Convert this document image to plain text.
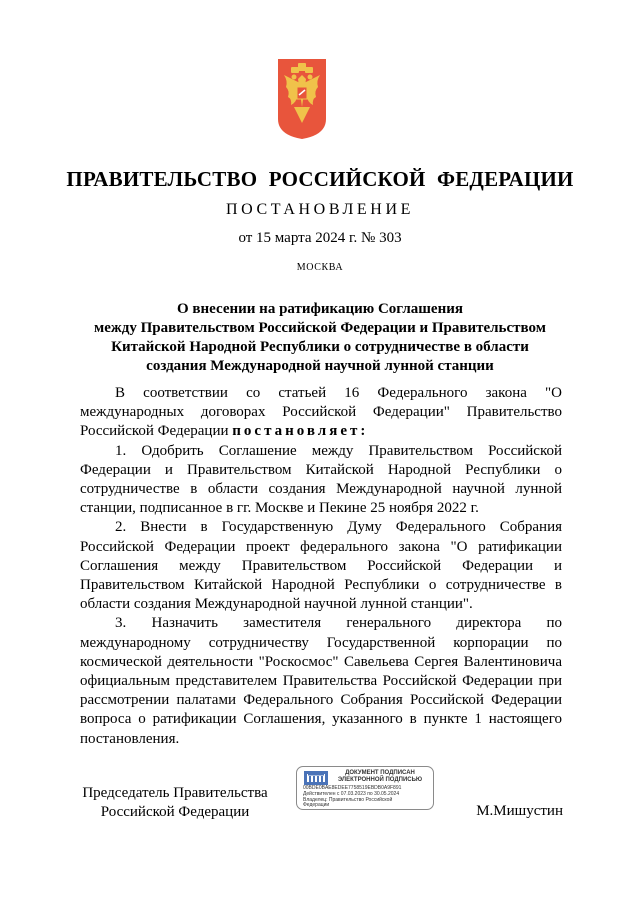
ПРАВИТЕЛЬСТВО РОССИЙСКОЙ ФЕДЕРАЦИИ
ПОСТАНОВЛЕНИЕ
от 15 марта 2024 г. № 303
МОСКВА
О внесении на ратификацию Соглашения
между Правительством Российской Федерации и Правительством
Китайской Народной Республики о сотрудничестве в области
создания Международной научной лунной станции

В соответствии со статьей 16 Федерального закона "О международных договорах Российской Федерации" Правительство Российской Федерации постановляет:

1. Одобрить Соглашение между Правительством Российской Федерации и Правительством Китайской Народной Республики о сотрудничестве в области создания Международной научной лунной станции, подписанное в гг. Москве и Пекине 25 ноября 2022 г.

2. Внести в Государственную Думу Федерального Собрания Российской Федерации проект федерального закона "О ратификации Соглашения между Правительством Российской Федерации и Правительством Китайской Народной Республики о сотрудничестве в области создания Международной научной лунной станции".

3. Назначить заместителя генерального директора по международному сотрудничеству Государственной корпорации по космической деятельности "Роскосмос" Савельева Сергея Валентиновича официальным представителем Правительства Российской Федерации при рассмотрении палатами Федерального Собрания Российской Федерации вопроса о ратификации Соглашения, указанного в пункте 1 настоящего постановления.

Председатель Правительства
Российской Федерации
ДОКУМЕНТ ПОДПИСАН
ЭЛЕКТРОННОЙ ПОДПИСЬЮ
00BDE0BAE8EDEE7758519EBDB0A9F891
Действителен с 07.03.2023 по 30.05.2024
Владелец: Правительство Российской
Федерации	М.Мишустин
